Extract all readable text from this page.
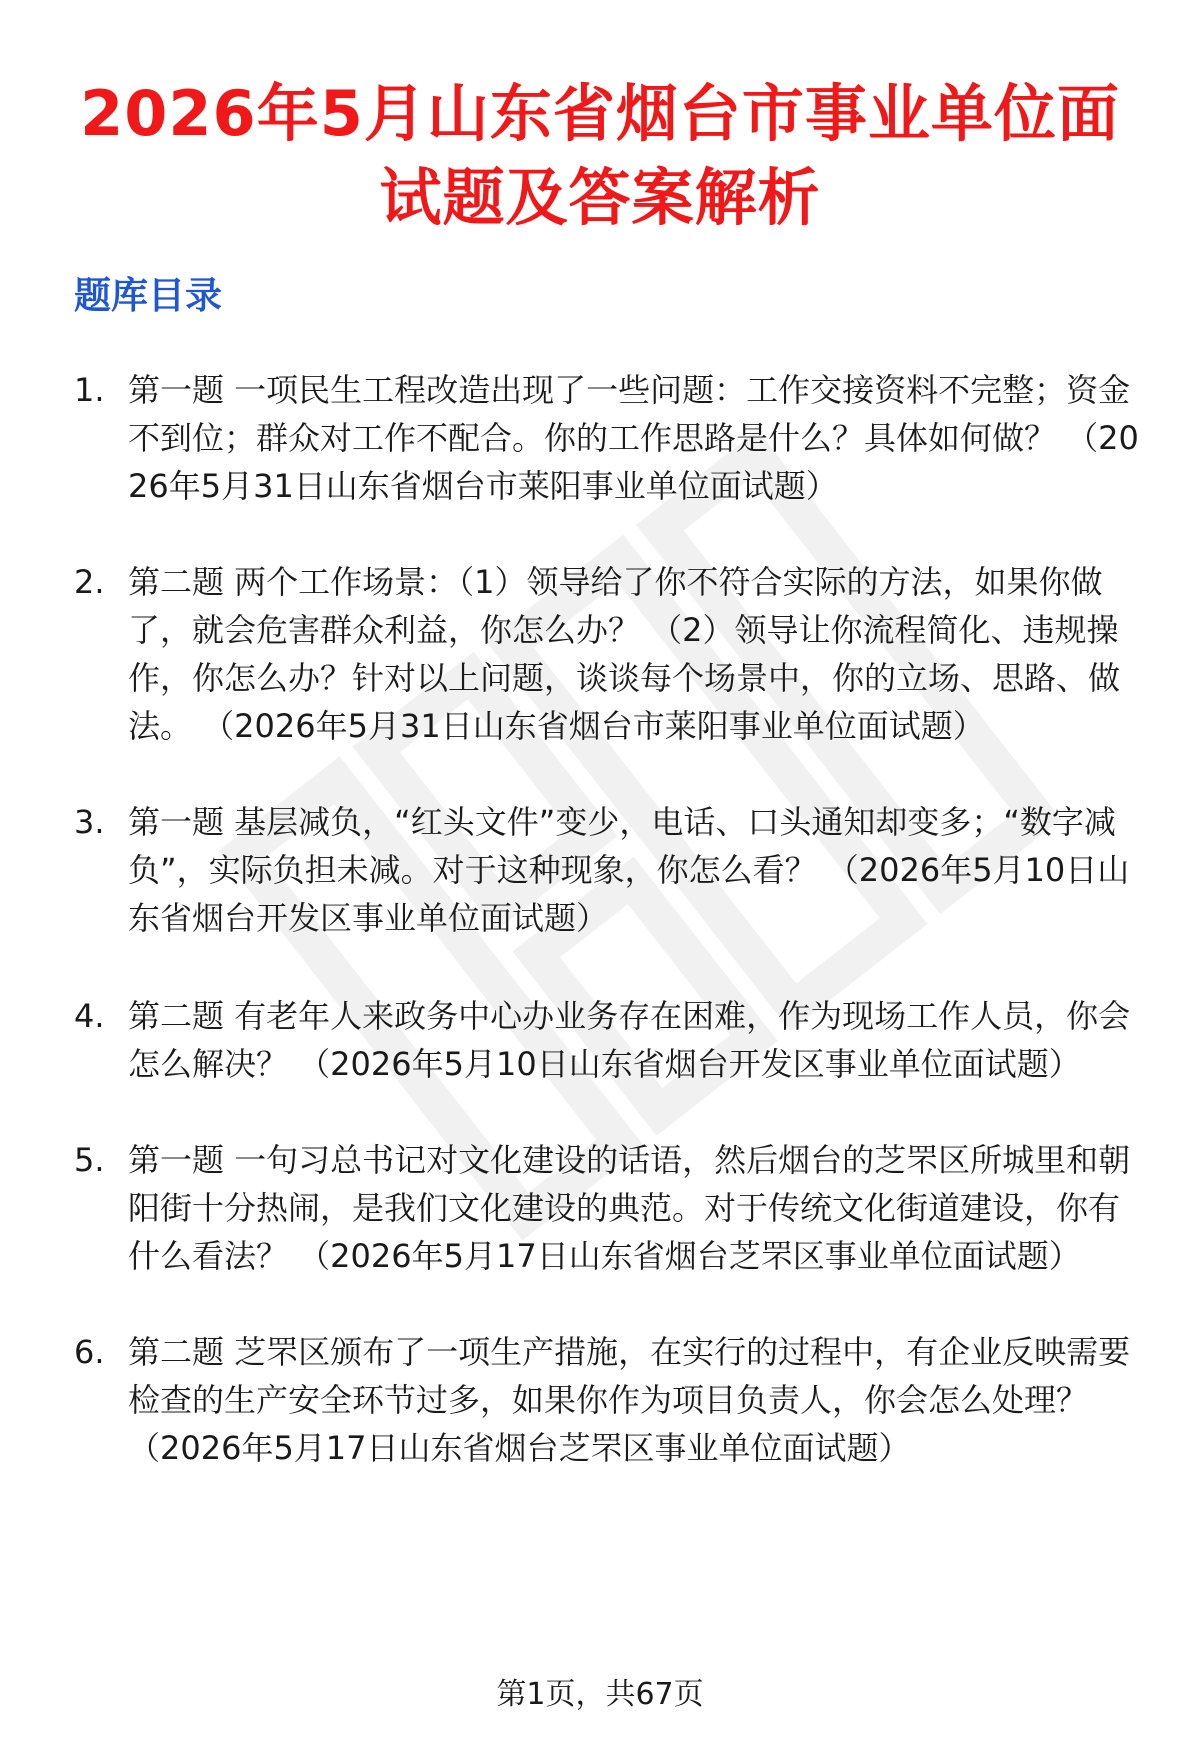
2026年5月山东省烟台市事业单位面试题及答案解析
题库目录
1. 第一题 一项民生工程改造出现了一些问题：工作交接资料不完整；资金不到位；群众对工作不配合。你的工作思路是什么？具体如何做？ （2026年5月31日山东省烟台市莱阳事业单位面试题）
2. 第二题 两个工作场景：（1）领导给了你不符合实际的方法，如果你做了，就会危害群众利益，你怎么办？ （2）领导让你流程简化、违规操作，你怎么办？针对以上问题，谈谈每个场景中，你的立场、思路、做法。 （2026年5月31日山东省烟台市莱阳事业单位面试题）
3. 第一题 基层减负，“红头文件”变少，电话、口头通知却变多；“数字减负”，实际负担未减。对于这种现象，你怎么看？ （2026年5月10日山东省烟台开发区事业单位面试题）
4. 第二题 有老年人来政务中心办业务存在困难，作为现场工作人员，你会怎么解决？ （2026年5月10日山东省烟台开发区事业单位面试题）
5. 第一题 一句习总书记对文化建设的话语，然后烟台的芝罘区所城里和朝阳街十分热闹，是我们文化建设的典范。对于传统文化街道建设，你有什么看法？ （2026年5月17日山东省烟台芝罘区事业单位面试题）
6. 第二题 芝罘区颁布了一项生产措施，在实行的过程中，有企业反映需要检查的生产安全环节过多，如果你作为项目负责人，你会怎么处理？ （2026年5月17日山东省烟台芝罘区事业单位面试题）
第1页，共67页
